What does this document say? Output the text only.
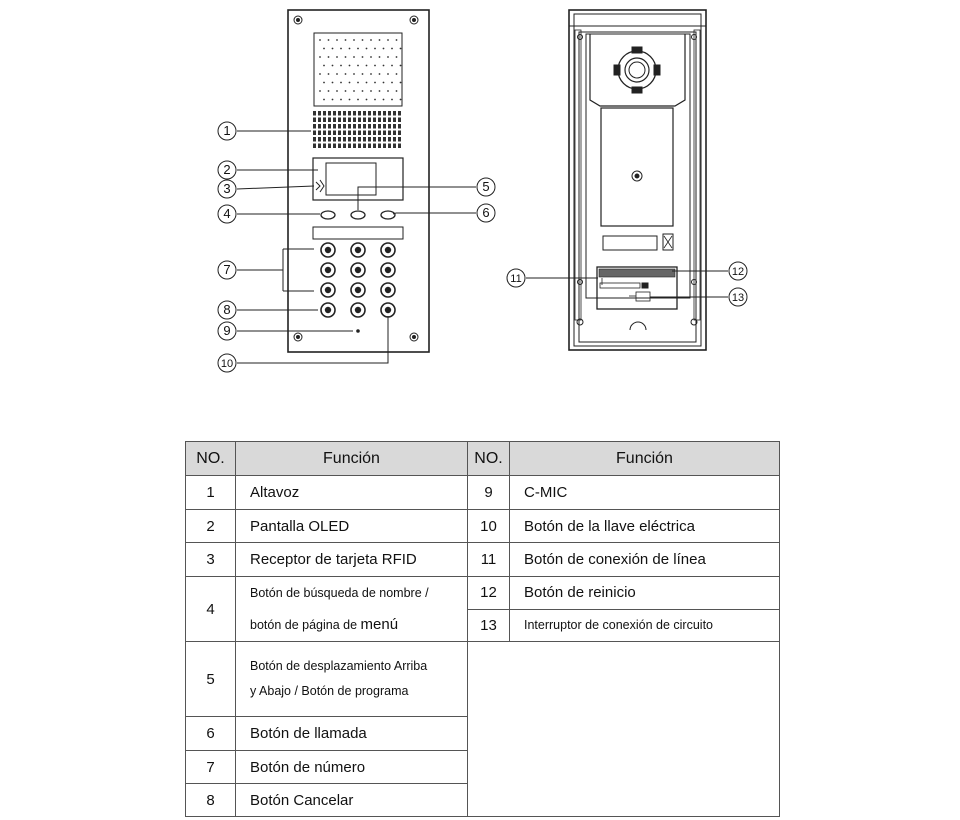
1
2
3
4
5
6
7
8
9
10
11
12
13
NO.	Función	NO.	Función
1	Altavoz	9	C-MIC
2	Pantalla OLED	10	Botón de la llave eléctrica
3	Receptor de tarjeta RFID	11	Botón de conexión de línea
4	Botón de búsqueda de nombre /
botón de página de menú	12	Botón de reinicio
		13	Interruptor de conexión de circuito
5	Botón de desplazamiento Arriba
y Abajo / Botón de programa		

6	Botón de llamada		
7	Botón de número		
8	Botón Cancelar		
